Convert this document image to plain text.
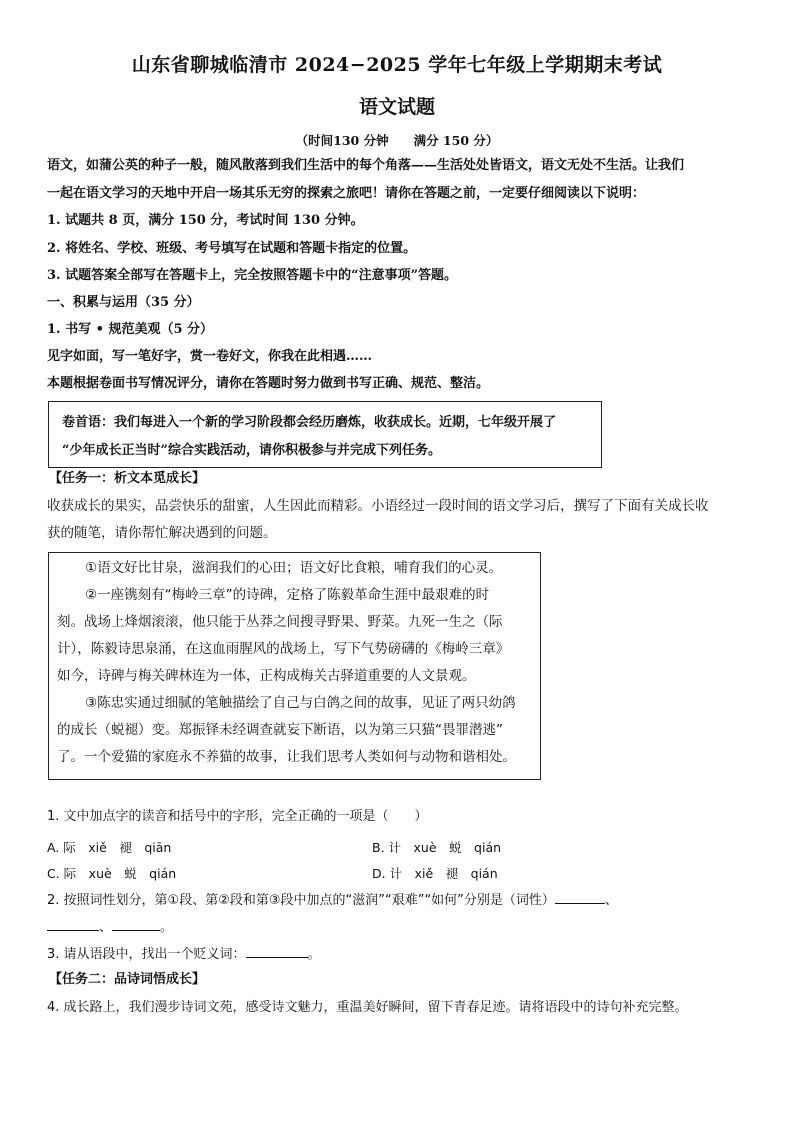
山东省聊城临清市 2024−2025 学年七年级上学期期末考试
语文试题
（时间130 分钟　　满分 150 分）
语文，如蒲公英的种子一般，随风散落到我们生活中的每个角落——生活处处皆语文，语文无处不生活。让我们
一起在语文学习的天地中开启一场其乐无穷的探索之旅吧！请你在答题之前，一定要仔细阅读以下说明：
1. 试题共 8 页，满分 150 分，考试时间 130 分钟。
2. 将姓名、学校、班级、考号填写在试题和答题卡指定的位置。
3. 试题答案全部写在答题卡上，完全按照答题卡中的“注意事项”答题。
一、积累与运用（35 分）
1. 书写 • 规范美观（5 分）
见字如面，写一笔好字，赏一卷好文，你我在此相遇……
本题根据卷面书写情况评分，请你在答题时努力做到书写正确、规范、整洁。
卷首语：我们每进入一个新的学习阶段都会经历磨炼，收获成长。近期，七年级开展了
“少年成长正当时”综合实践活动，请你积极参与并完成下列任务。
【任务一：析文本觅成长】
收获成长的果实，品尝快乐的甜蜜，人生因此而精彩。小语经过一段时间的语文学习后，撰写了下面有关成长收
获的随笔，请你帮忙解决遇到的问题。
①语文好比甘泉，滋润我们的心田；语文好比食粮，哺育我们的心灵。
②一座镌刻有“梅岭三章”的诗碑，定格了陈毅革命生涯中最艰难的时
刻。战场上烽烟滚滚，他只能于丛莽之间搜寻野果、野菜。九死一生之（际
计），陈毅诗思泉涌，在这血雨腥风的战场上，写下气势磅礴的《梅岭三章》
如今，诗碑与梅关碑林连为一体，正构成梅关古驿道重要的人文景观。
③陈忠实通过细腻的笔触描绘了自己与白鸽之间的故事，见证了两只幼鸽
的成长（蜕褪）变。郑振铎未经调查就妄下断语，以为第三只猫“畏罪潜逃”
了。一个爱猫的家庭永不养猫的故事，让我们思考人类如何与动物和谐相处。
1. 文中加点字的读音和括号中的字形，完全正确的一项是（　　）
A. 际　xiě　褪　qiān	B. 计　xuè　蜕　qián
C. 际　xuè　蜕　qián	D. 计　xiě　褪　qián
2. 按照词性划分，第①段、第②段和第③段中加点的“滋润”“艰难”“如何”分别是（词性）	、
、	。
3. 请从语段中，找出一个贬义词：	。
【任务二：品诗词悟成长】
4. 成长路上，我们漫步诗词文苑，感受诗文魅力，重温美好瞬间，留下青春足迹。请将语段中的诗句补充完整。
